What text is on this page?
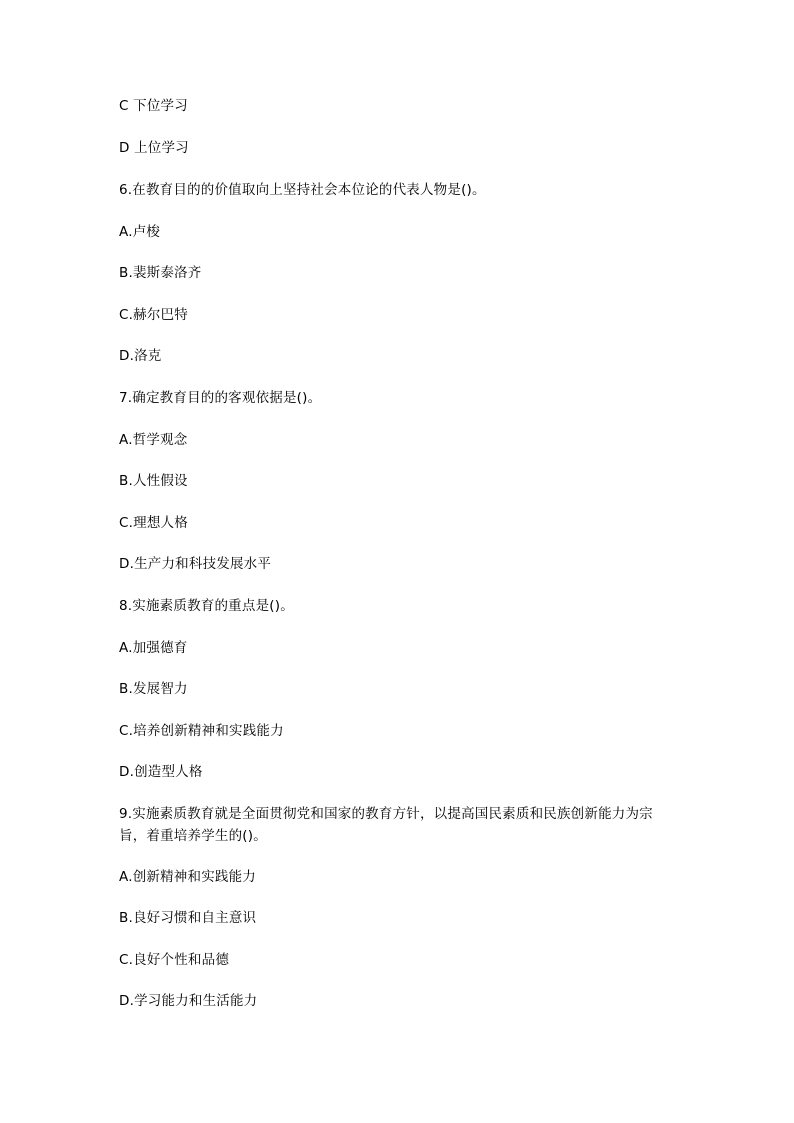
C 下位学习
D 上位学习
6.在教育目的的价值取向上坚持社会本位论的代表人物是()。
A.卢梭
B.裴斯泰洛齐
C.赫尔巴特
D.洛克
7.确定教育目的的客观依据是()。
A.哲学观念
B.人性假设
C.理想人格
D.生产力和科技发展水平
8.实施素质教育的重点是()。
A.加强德育
B.发展智力
C.培养创新精神和实践能力
D.创造型人格
9.实施素质教育就是全面贯彻党和国家的教育方针，以提高国民素质和民族创新能力为宗旨，着重培养学生的()。
A.创新精神和实践能力
B.良好习惯和自主意识
C.良好个性和品德
D.学习能力和生活能力
